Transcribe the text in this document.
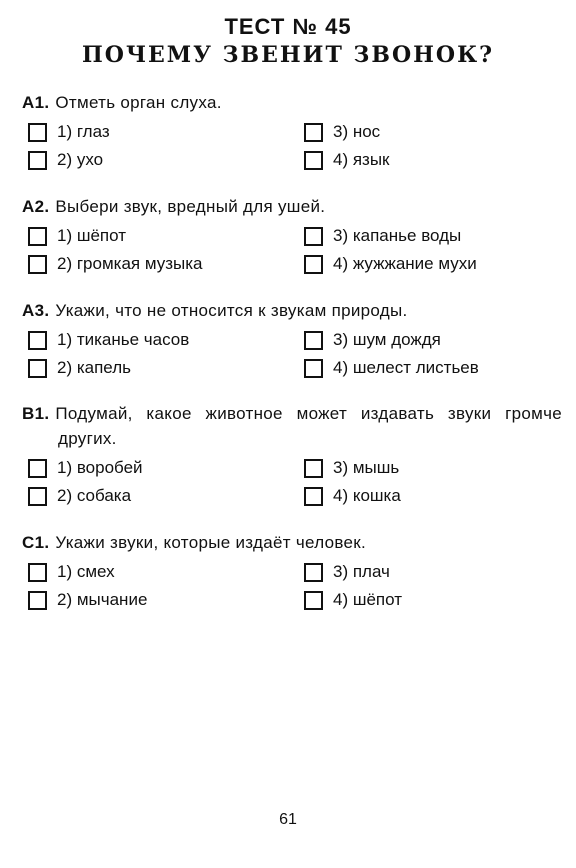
ТЕСТ № 45
ПОЧЕМУ ЗВЕНИТ ЗВОНОК?

А1. Отметь орган слуха.

1) глаз
2) ухо
3) нос
4) язык

А2. Выбери звук, вредный для ушей.

1) шёпот
2) громкая музыка
3) капанье воды
4) жужжание мухи

А3. Укажи, что не относится к звукам природы.

1) тиканье часов
2) капель
3) шум дождя
4) шелест листьев

В1. Подумай, какое животное может издавать звуки громче других.

1) воробей
2) собака
3) мышь
4) кошка

С1. Укажи звуки, которые издаёт человек.

1) смех
2) мычание
3) плач
4) шёпот
61
